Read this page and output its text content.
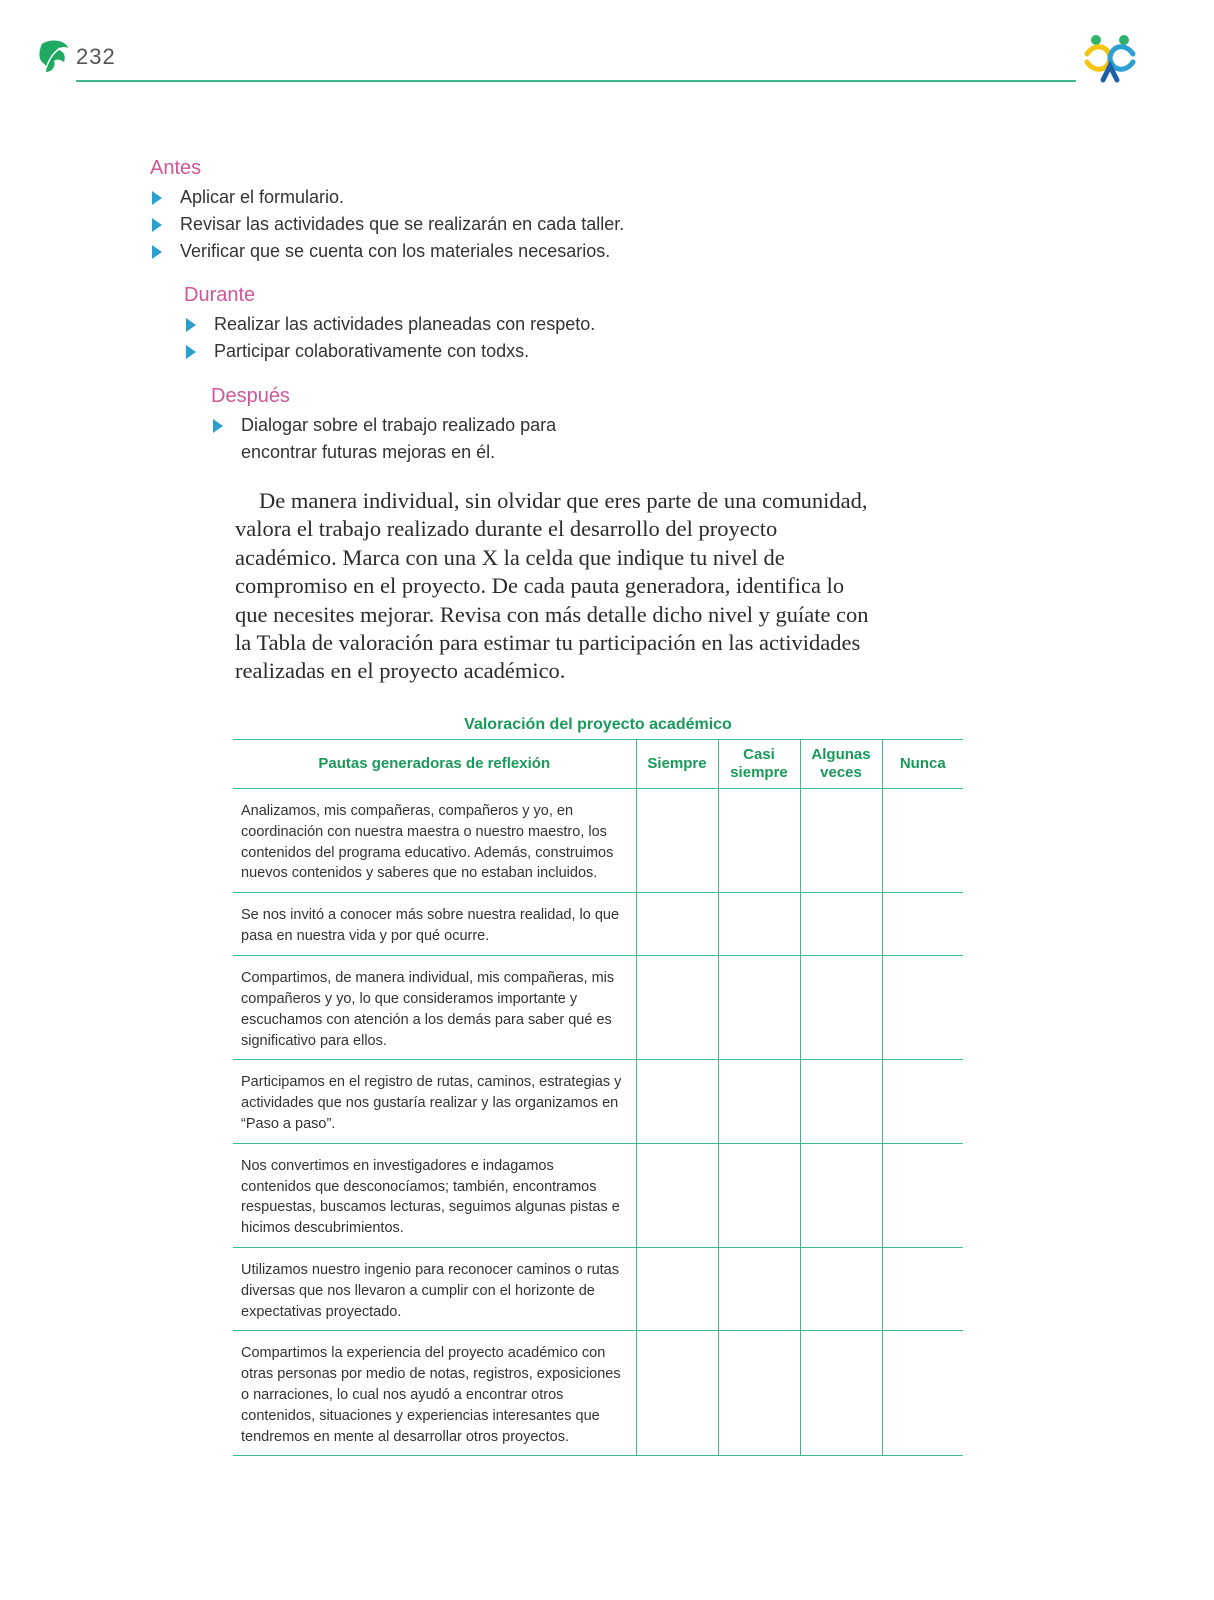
232
Antes
Aplicar el formulario.
Revisar las actividades que se realizarán en cada taller.
Verificar que se cuenta con los materiales necesarios.
Durante
Realizar las actividades planeadas con respeto.
Participar colaborativamente con todxs.
Después
Dialogar sobre el trabajo realizado para encontrar futuras mejoras en él.

De manera individual, sin olvidar que eres parte de una comunidad, valora el trabajo realizado durante el desarrollo del proyecto académico. Marca con una X la celda que indique tu nivel de compromiso en el proyecto. De cada pauta generadora, identifica lo que necesites mejorar. Revisa con más detalle dicho nivel y guíate con la Tabla de valoración para estimar tu participación en las actividades realizadas en el proyecto académico.

Valoración del proyecto académico
Pautas generadoras de reflexión	Siempre	Casi siempre	Algunas veces	Nunca
Analizamos, mis compañeras, compañeros y yo, en coordinación con nuestra maestra o nuestro maestro, los contenidos del programa educativo. Además, construimos nuevos contenidos y saberes que no estaban incluidos.				
Se nos invitó a conocer más sobre nuestra realidad, lo que pasa en nuestra vida y por qué ocurre.				
Compartimos, de manera individual, mis compañeras, mis compañeros y yo, lo que consideramos importante y escuchamos con atención a los demás para saber qué es significativo para ellos.				
Participamos en el registro de rutas, caminos, estrategias y actividades que nos gustaría realizar y las organizamos en “Paso a paso”.				
Nos convertimos en investigadores e indagamos contenidos que desconocíamos; también, encontramos respuestas, buscamos lecturas, seguimos algunas pistas e hicimos descubrimientos.				
Utilizamos nuestro ingenio para reconocer caminos o rutas diversas que nos llevaron a cumplir con el horizonte de expectativas proyectado.				
Compartimos la experiencia del proyecto académico con otras personas por medio de notas, registros, exposiciones o narraciones, lo cual nos ayudó a encontrar otros contenidos, situaciones y experiencias interesantes que tendremos en mente al desarrollar otros proyectos.				
